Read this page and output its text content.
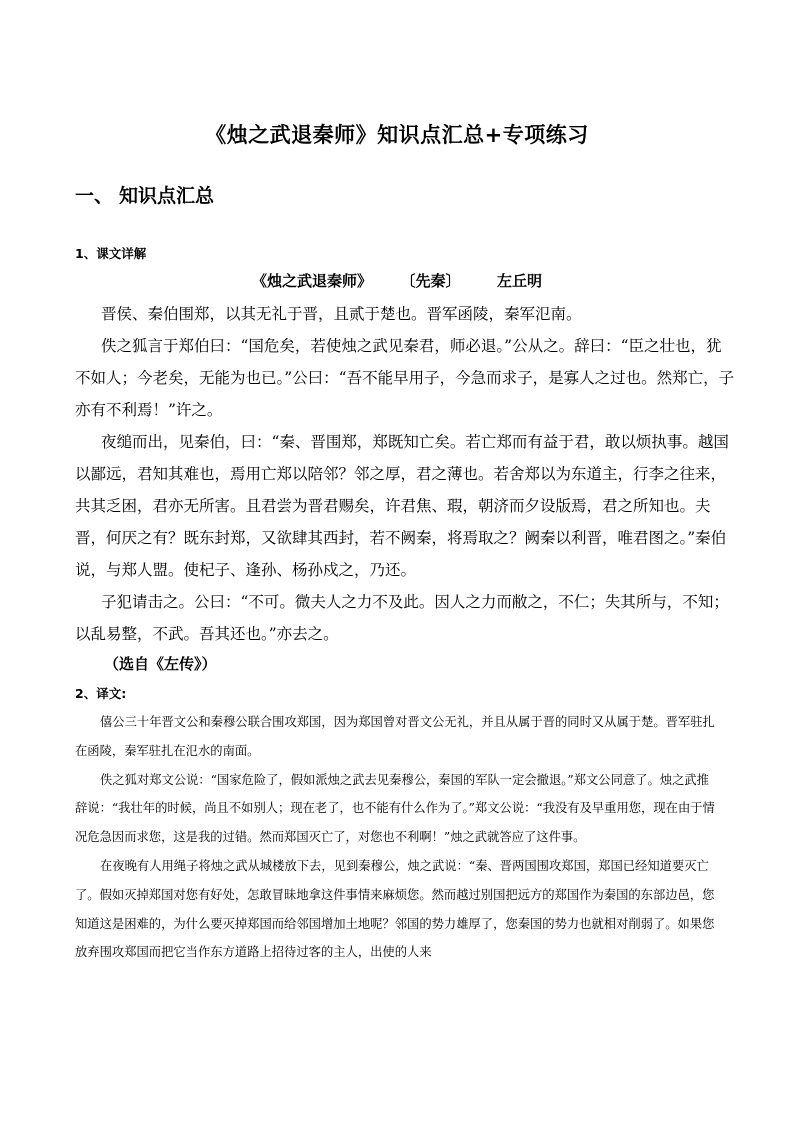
《烛之武退秦师》知识点汇总+专项练习
一、 知识点汇总
1、课文详解
《烛之武退秦师》 〔先秦〕 左丘明

晋侯、秦伯围郑，以其无礼于晋，且贰于楚也。晋军函陵，秦军氾南。

佚之狐言于郑伯曰：“国危矣，若使烛之武见秦君，师必退。”公从之。辞曰：“臣之壮也，犹不如人；今老矣，无能为也已。”公曰：“吾不能早用子，今急而求子，是寡人之过也。然郑亡，子亦有不利焉！”许之。

夜缒而出，见秦伯，曰：“秦、晋围郑，郑既知亡矣。若亡郑而有益于君，敢以烦执事。越国以鄙远，君知其难也，焉用亡郑以陪邻？邻之厚，君之薄也。若舍郑以为东道主，行李之往来，共其乏困，君亦无所害。且君尝为晋君赐矣，许君焦、瑕，朝济而夕设版焉，君之所知也。夫晋，何厌之有？既东封郑，又欲肆其西封，若不阙秦，将焉取之？阙秦以利晋，唯君图之。”秦伯说，与郑人盟。使杞子、逢孙、杨孙戍之，乃还。

子犯请击之。公曰：“不可。微夫人之力不及此。因人之力而敝之，不仁；失其所与，不知；以乱易整，不武。吾其还也。”亦去之。

（选自《左传》）
2、译文:

僖公三十年晋文公和秦穆公联合围攻郑国，因为郑国曾对晋文公无礼，并且从属于晋的同时又从属于楚。晋军驻扎在函陵，秦军驻扎在氾水的南面。

佚之狐对郑文公说：“国家危险了，假如派烛之武去见秦穆公，秦国的军队一定会撤退。”郑文公同意了。烛之武推辞说：“我壮年的时候，尚且不如别人；现在老了，也不能有什么作为了。”郑文公说：“我没有及早重用您，现在由于情况危急因而求您，这是我的过错。然而郑国灭亡了，对您也不利啊！”烛之武就答应了这件事。

在夜晚有人用绳子将烛之武从城楼放下去，见到秦穆公，烛之武说：“秦、晋两国围攻郑国，郑国已经知道要灭亡了。假如灭掉郑国对您有好处，怎敢冒昧地拿这件事情来麻烦您。然而越过别国把远方的郑国作为秦国的东部边邑，您知道这是困难的，为什么要灭掉郑国而给邻国增加土地呢？邻国的势力雄厚了，您秦国的势力也就相对削弱了。如果您放弃围攻郑国而把它当作东方道路上招待过客的主人，出使的人来
